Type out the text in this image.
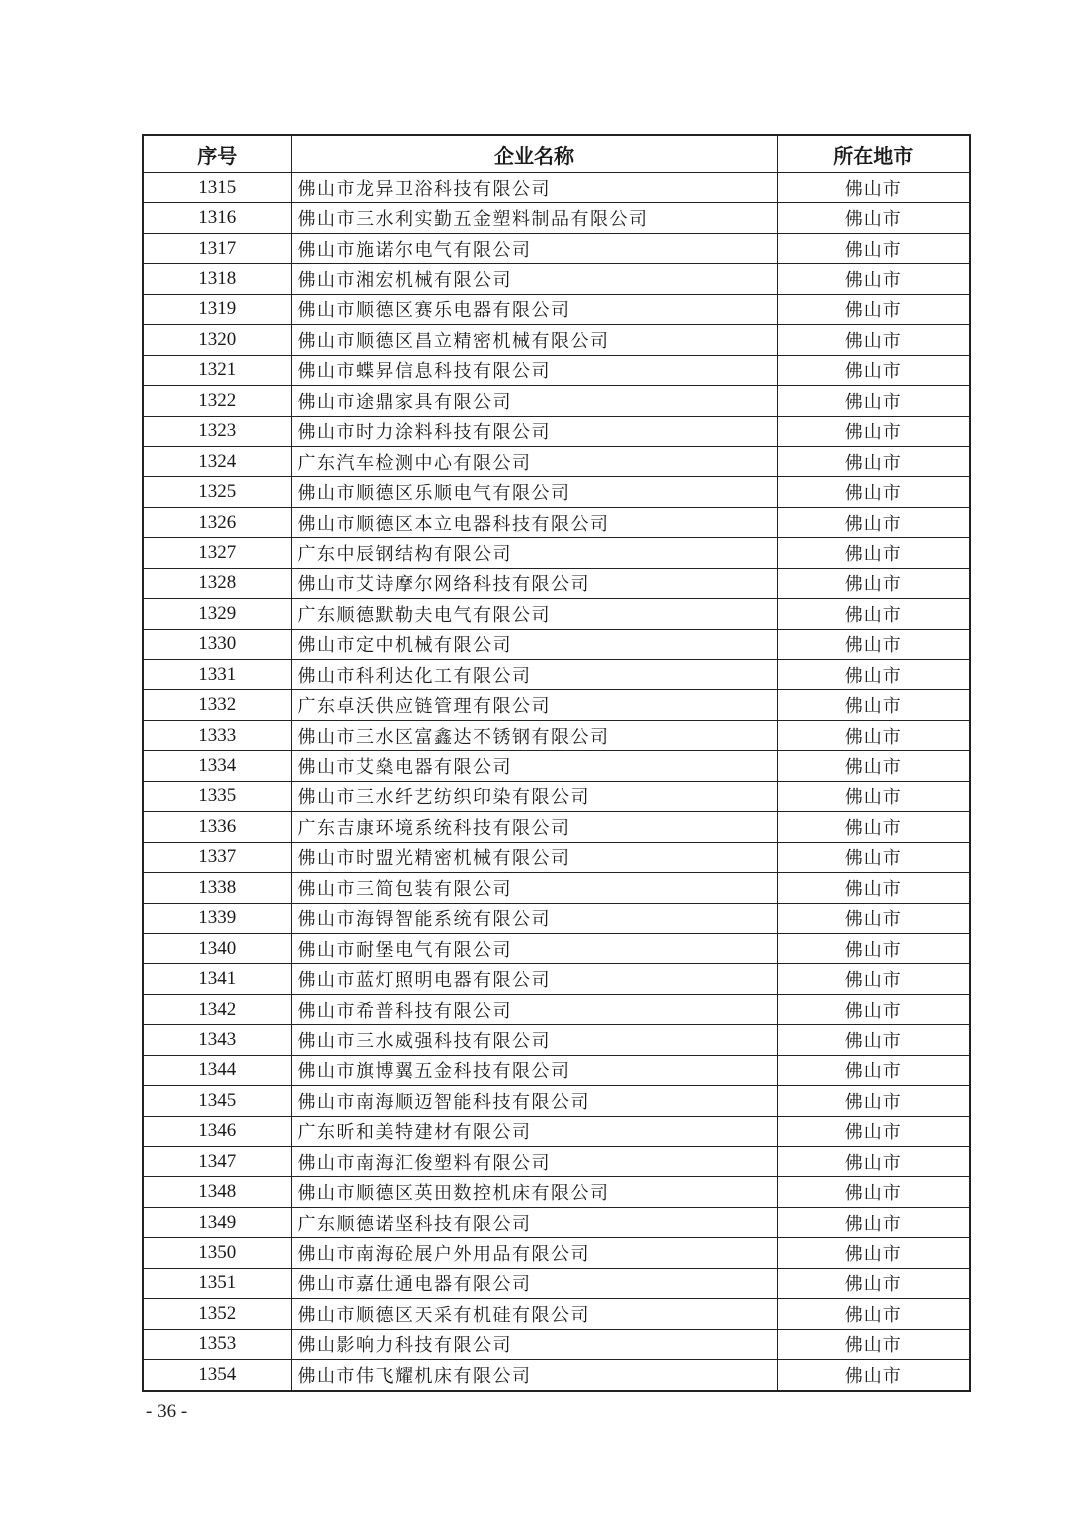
序号	企业名称	所在地市
1315	佛山市龙异卫浴科技有限公司	佛山市
1316	佛山市三水利实勤五金塑料制品有限公司	佛山市
1317	佛山市施诺尔电气有限公司	佛山市
1318	佛山市湘宏机械有限公司	佛山市
1319	佛山市顺德区赛乐电器有限公司	佛山市
1320	佛山市顺德区昌立精密机械有限公司	佛山市
1321	佛山市蝶昇信息科技有限公司	佛山市
1322	佛山市途鼎家具有限公司	佛山市
1323	佛山市时力涂料科技有限公司	佛山市
1324	广东汽车检测中心有限公司	佛山市
1325	佛山市顺德区乐顺电气有限公司	佛山市
1326	佛山市顺德区本立电器科技有限公司	佛山市
1327	广东中辰钢结构有限公司	佛山市
1328	佛山市艾诗摩尔网络科技有限公司	佛山市
1329	广东顺德默勒夫电气有限公司	佛山市
1330	佛山市定中机械有限公司	佛山市
1331	佛山市科利达化工有限公司	佛山市
1332	广东卓沃供应链管理有限公司	佛山市
1333	佛山市三水区富鑫达不锈钢有限公司	佛山市
1334	佛山市艾燊电器有限公司	佛山市
1335	佛山市三水纤艺纺织印染有限公司	佛山市
1336	广东吉康环境系统科技有限公司	佛山市
1337	佛山市时盟光精密机械有限公司	佛山市
1338	佛山市三简包装有限公司	佛山市
1339	佛山市海锝智能系统有限公司	佛山市
1340	佛山市耐堡电气有限公司	佛山市
1341	佛山市蓝灯照明电器有限公司	佛山市
1342	佛山市希普科技有限公司	佛山市
1343	佛山市三水威强科技有限公司	佛山市
1344	佛山市旗博翼五金科技有限公司	佛山市
1345	佛山市南海顺迈智能科技有限公司	佛山市
1346	广东昕和美特建材有限公司	佛山市
1347	佛山市南海汇俊塑料有限公司	佛山市
1348	佛山市顺德区英田数控机床有限公司	佛山市
1349	广东顺德诺坚科技有限公司	佛山市
1350	佛山市南海砼展户外用品有限公司	佛山市
1351	佛山市嘉仕通电器有限公司	佛山市
1352	佛山市顺德区天采有机硅有限公司	佛山市
1353	佛山影响力科技有限公司	佛山市
1354	佛山市伟飞耀机床有限公司	佛山市
- 36 -
